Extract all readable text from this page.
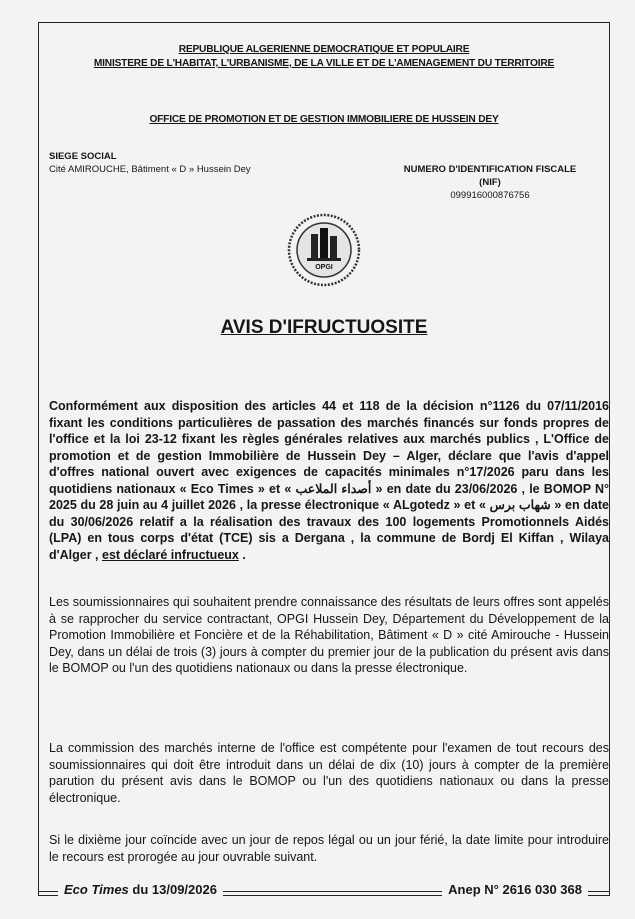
REPUBLIQUE ALGERIENNE DEMOCRATIQUE ET POPULAIRE
MINISTERE DE L'HABITAT, L'URBANISME, DE LA VILLE ET DE L'AMENAGEMENT DU TERRITOIRE
OFFICE DE PROMOTION ET DE GESTION IMMOBILIERE DE HUSSEIN DEY
SIEGE SOCIAL
Cité AMIROUCHE, Bâtiment « D » Hussein Dey	NUMERO D'IDENTIFICATION FISCALE
(NIF)
099916000876756
OPGI
AVIS D'IFRUCTUOSITE

Conformément aux disposition des articles 44 et 118 de la décision n°1126 du 07/11/2016 fixant les conditions particulières de passation des marchés financés sur fonds propres de l'office et la loi 23-12 fixant les règles générales relatives aux marchés publics , L'Office de promotion et de gestion Immobilière de Hussein Dey – Alger, déclare que l'avis d'appel d'offres national ouvert avec exigences de capacités minimales n°17/2026 paru dans les quotidiens nationaux « Eco Times » et « أصداء الملاعب » en date du 23/06/2026 , le BOMOP N° 2025 du 28 juin au 4 juillet 2026 , la presse électronique « ALgotedz » et « شهاب برس » en date du 30/06/2026 relatif a la réalisation des travaux des 100 logements Promotionnels Aidés (LPA) en tous corps d'état (TCE) sis a Dergana , la commune de Bordj El Kiffan , Wilaya d'Alger , est déclaré infructueux .

Les soumissionnaires qui souhaitent prendre connaissance des résultats de leurs offres sont appelés à se rapprocher du service contractant, OPGI Hussein Dey, Département du Développement de la Promotion Immobilière et Foncière et de la Réhabilitation, Bâtiment « D » cité Amirouche - Hussein Dey, dans un délai de trois (3) jours à compter du premier jour de la publication du présent avis dans le BOMOP ou l'un des quotidiens nationaux ou dans la presse électronique.

La commission des marchés interne de l'office est compétente pour l'examen de tout recours des soumissionnaires qui doit être introduit dans un délai de dix (10) jours à compter de la première parution du présent avis dans le BOMOP ou l'un des quotidiens nationaux ou dans la presse électronique.

Si le dixième jour coïncide avec un jour de repos légal ou un jour férié, la date limite pour introduire le recours est prorogée au jour ouvrable suivant.

Eco Times du 13/09/2026	Anep N° 2616 030 368
